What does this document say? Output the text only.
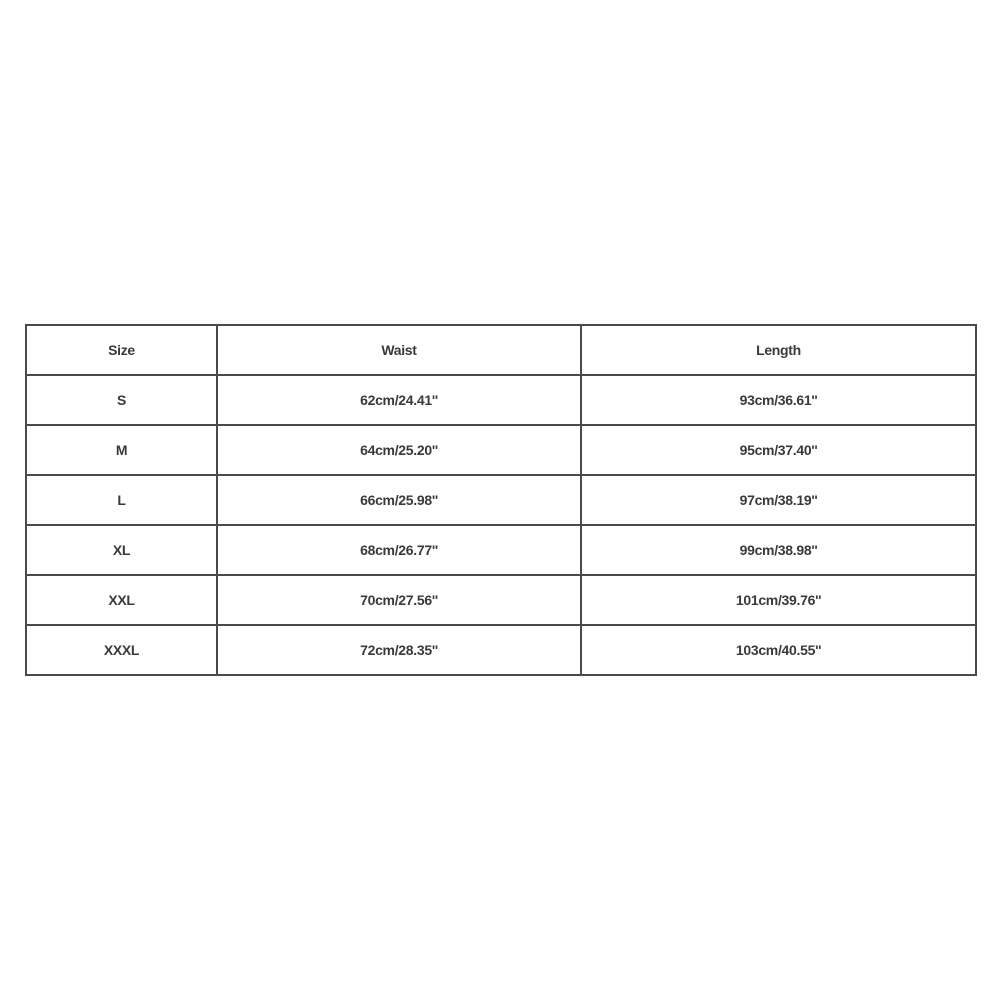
Size	Waist	Length
S	62cm/24.41''	93cm/36.61''
M	64cm/25.20''	95cm/37.40''
L	66cm/25.98''	97cm/38.19''
XL	68cm/26.77''	99cm/38.98''
XXL	70cm/27.56''	101cm/39.76''
XXXL	72cm/28.35''	103cm/40.55''
